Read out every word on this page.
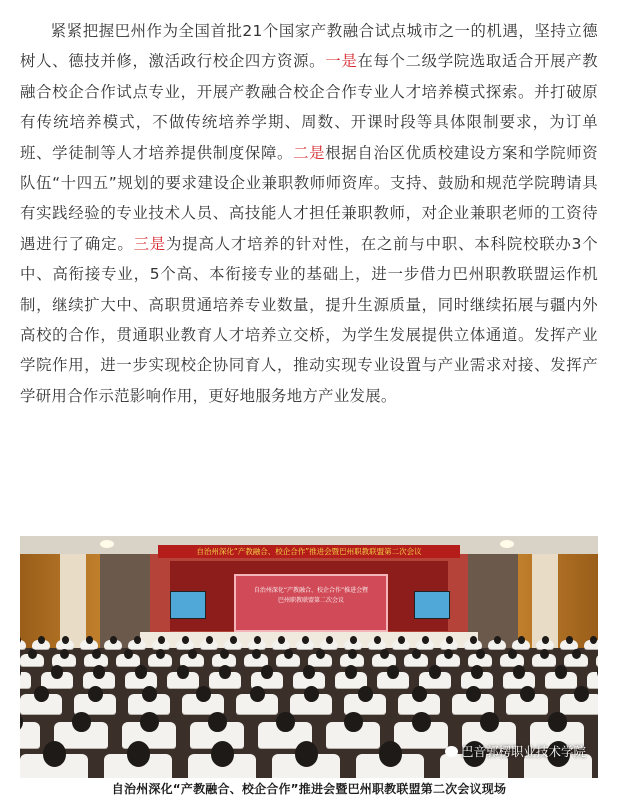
紧紧把握巴州作为全国首批21个国家产教融合试点城市之一的机遇，坚持立德树人、德技并修，激活政行校企四方资源。一是在每个二级学院选取适合开展产教融合校企合作试点专业，开展产教融合校企合作专业人才培养模式探索。并打破原有传统培养模式，不做传统培养学期、周数、开课时段等具体限制要求，为订单班、学徒制等人才培养提供制度保障。二是根据自治区优质校建设方案和学院师资队伍“十四五”规划的要求建设企业兼职教师师资库。支持、鼓励和规范学院聘请具有实践经验的专业技术人员、高技能人才担任兼职教师，对企业兼职老师的工资待遇进行了确定。三是为提高人才培养的针对性，在之前与中职、本科院校联办3个中、高衔接专业，5个高、本衔接专业的基础上，进一步借力巴州职教联盟运作机制，继续扩大中、高职贯通培养专业数量，提升生源质量，同时继续拓展与疆内外高校的合作，贯通职业教育人才培养立交桥，为学生发展提供立体通道。发挥产业学院作用，进一步实现校企协同育人，推动实现专业设置与产业需求对接、发挥产学研用合作示范影响作用，更好地服务地方产业发展。

自治州深化“产教融合、校企合作”推进会暨巴州职教联盟第二次会议
自治州深化“产教融合、校企合作”推进会暨
巴州职教联盟第二次会议
巴音郭楞职业技术学院
自治州深化“产教融合、校企合作”推进会暨巴州职教联盟第二次会议现场
